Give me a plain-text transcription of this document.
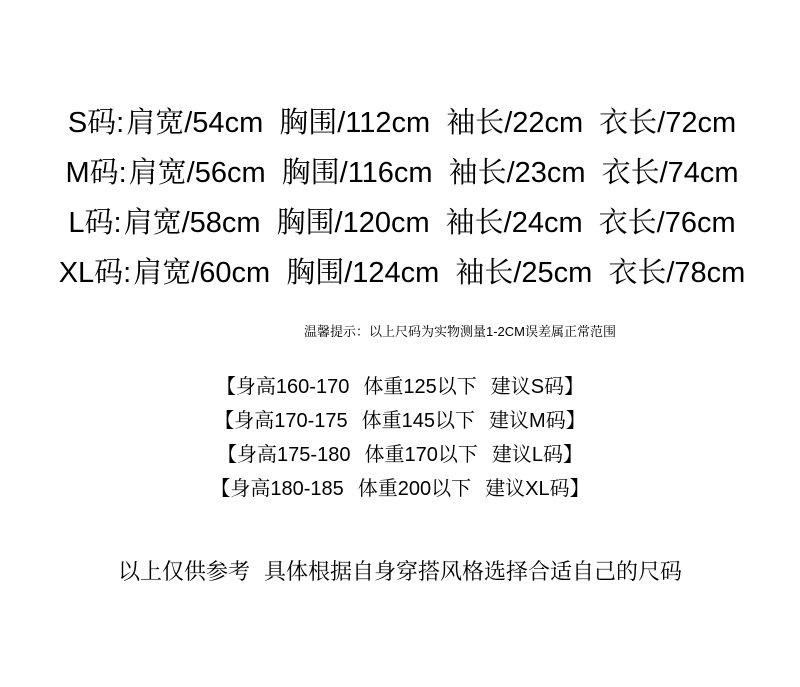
S码:肩宽/54cm 胸围/112cm 袖长/22cm 衣长/72cm
M码:肩宽/56cm 胸围/116cm 袖长/23cm 衣长/74cm
L码:肩宽/58cm 胸围/120cm 袖长/24cm 衣长/76cm
XL码:肩宽/60cm 胸围/124cm 袖长/25cm 衣长/78cm
温馨提示：以上尺码为实物测量1-2CM误差属正常范围
【身高160-170 体重125以下 建议S码】
【身高170-175 体重145以下 建议M码】
【身高175-180 体重170以下 建议L码】
【身高180-185 体重200以下 建议XL码】
以上仅供参考 具体根据自身穿搭风格选择合适自己的尺码
